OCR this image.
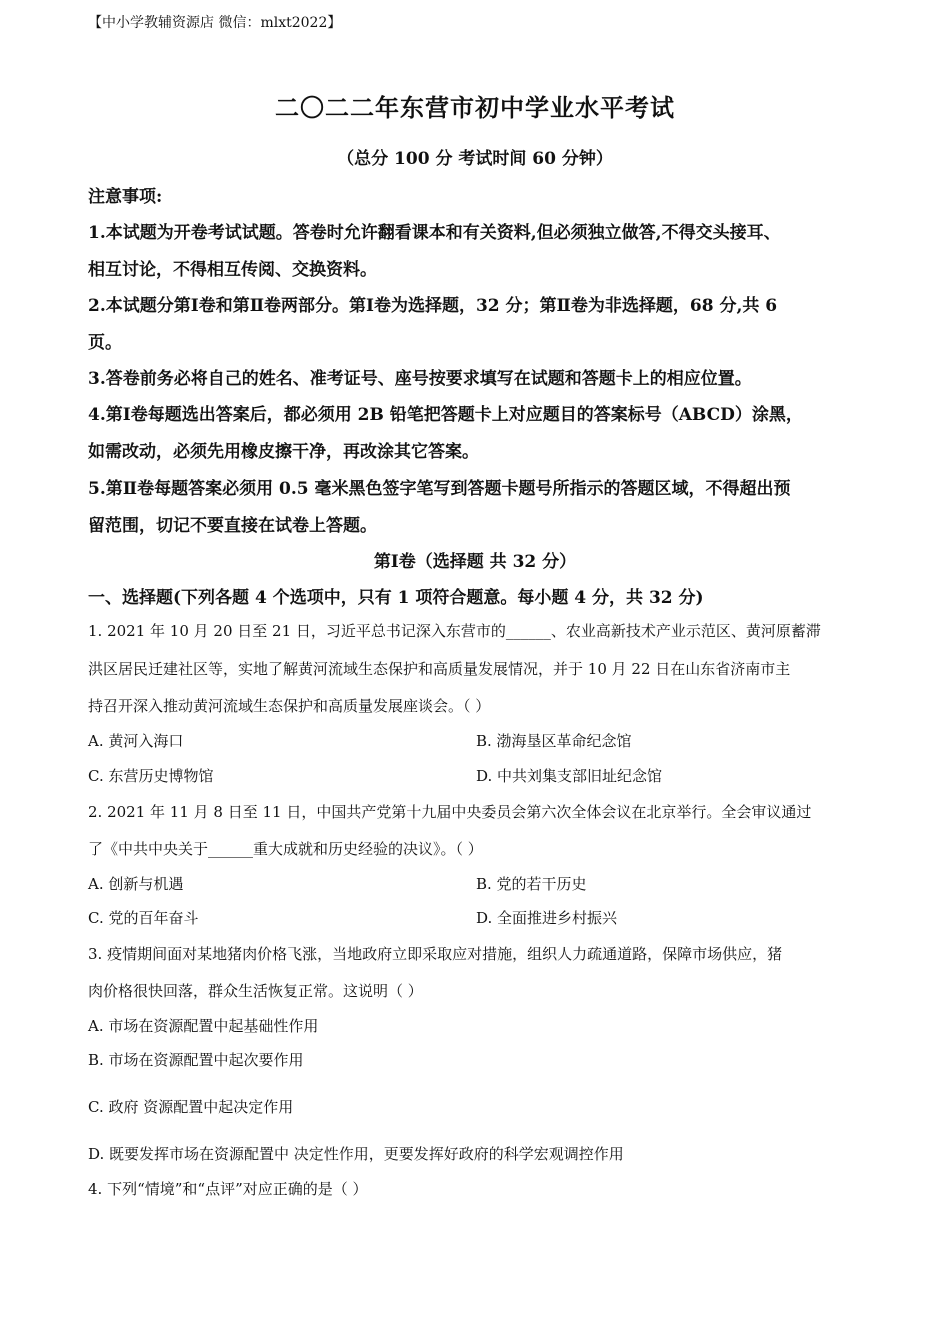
【中小学教辅资源店 微信：mlxt2022】
二〇二二年东营市初中学业水平考试
（总分 100 分 考试时间 60 分钟）
注意事项:
1.本试题为开卷考试试题。答卷时允许翻看课本和有关资料,但必须独立做答,不得交头接耳、
相互讨论，不得相互传阅、交换资料。
2.本试题分第Ⅰ卷和第Ⅱ卷两部分。第Ⅰ卷为选择题，32 分；第Ⅱ卷为非选择题，68 分,共 6
页。
3.答卷前务必将自己的姓名、准考证号、座号按要求填写在试题和答题卡上的相应位置。
4.第Ⅰ卷每题选出答案后，都必须用 2B 铅笔把答题卡上对应题目的答案标号（ABCD）涂黑，
如需改动，必须先用橡皮擦干净，再改涂其它答案。
5.第Ⅱ卷每题答案必须用 0.5 毫米黑色签字笔写到答题卡题号所指示的答题区域，不得超出预
留范围，切记不要直接在试卷上答题。
第Ⅰ卷（选择题 共 32 分）
一、选择题(下列各题 4 个选项中，只有 1 项符合题意。每小题 4 分，共 32 分)
1. 2021 年 10 月 20 日至 21 日，习近平总书记深入东营市的______、农业高新技术产业示范区、黄河原蓄滞
洪区居民迁建社区等，实地了解黄河流域生态保护和高质量发展情况，并于 10 月 22 日在山东省济南市主
持召开深入推动黄河流域生态保护和高质量发展座谈会。（ ）
A. 黄河入海口	B. 渤海垦区革命纪念馆
C. 东营历史博物馆	D. 中共刘集支部旧址纪念馆
2. 2021 年 11 月 8 日至 11 日，中国共产党第十九届中央委员会第六次全体会议在北京举行。全会审议通过
了《中共中央关于______重大成就和历史经验的决议》。（ ）
A. 创新与机遇	B. 党的若干历史
C. 党的百年奋斗	D. 全面推进乡村振兴
3. 疫情期间面对某地猪肉价格飞涨，当地政府立即采取应对措施，组织人力疏通道路，保障市场供应，猪
肉价格很快回落，群众生活恢复正常。这说明（ ）
A. 市场在资源配置中起基础性作用
B. 市场在资源配置中起次要作用
C. 政府 资源配置中起决定作用
D. 既要发挥市场在资源配置中 决定性作用，更要发挥好政府的科学宏观调控作用
4. 下列“情境”和“点评”对应正确的是（ ）
